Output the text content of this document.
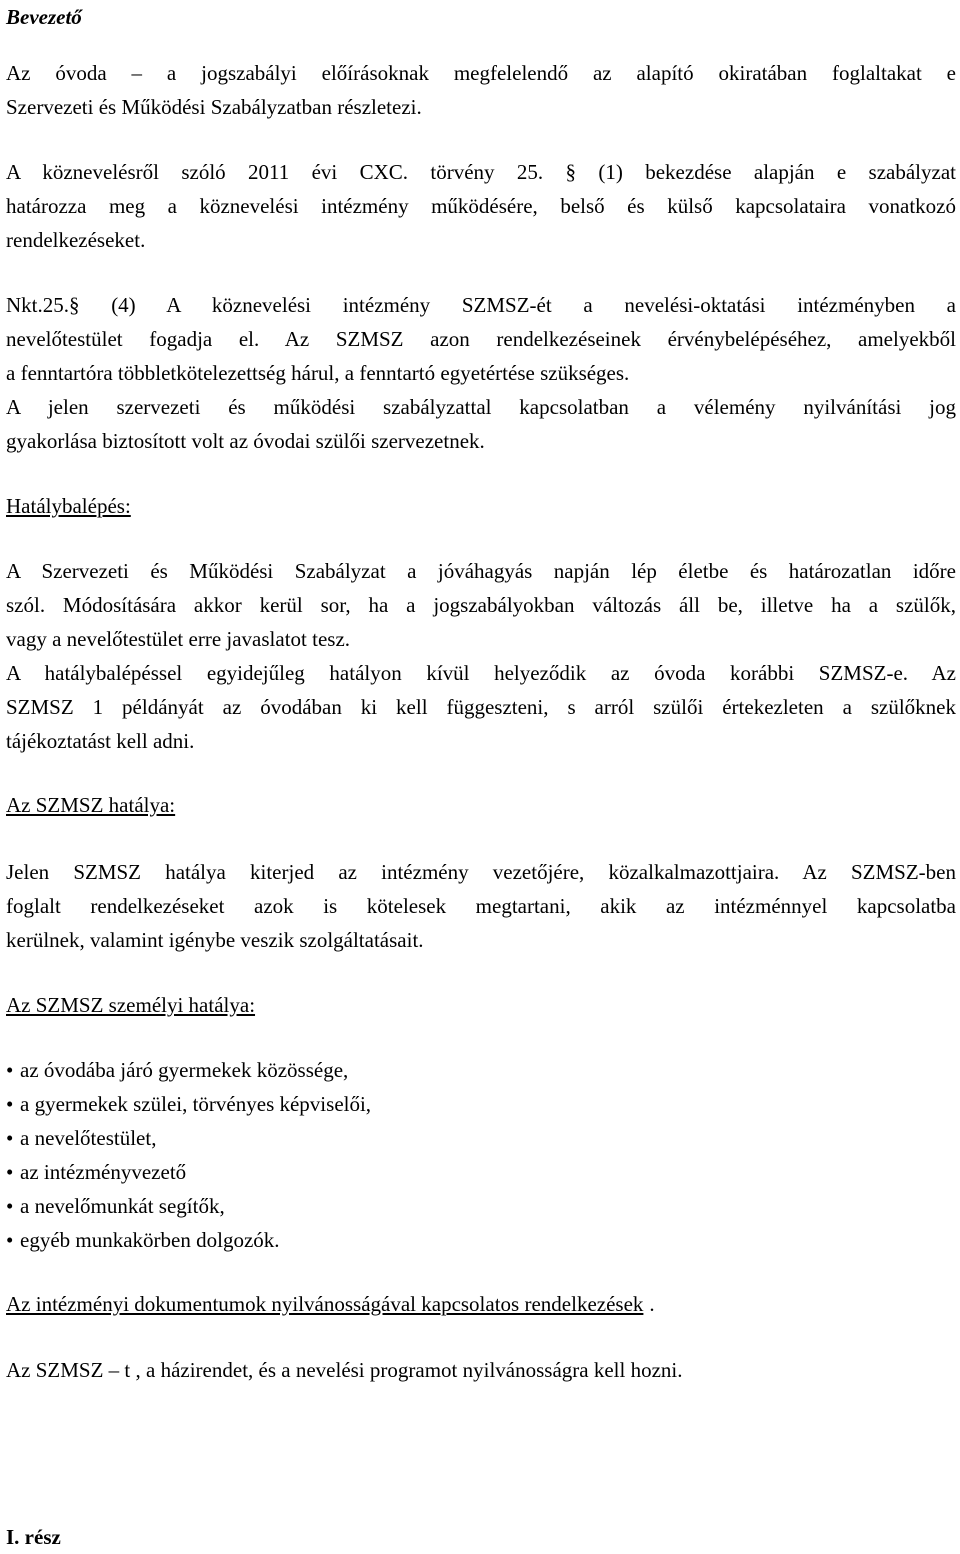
Bevezető
Az óvoda – a jogszabályi előírásoknak megfelelendő az alapító okiratában foglaltakat e
Szervezeti és Működési Szabályzatban részletezi.
A köznevelésről szóló 2011 évi CXC. törvény 25. § (1) bekezdése alapján e szabályzat
határozza meg a köznevelési intézmény működésére, belső és külső kapcsolataira vonatkozó
rendelkezéseket.
Nkt.25.§ (4) A köznevelési intézmény SZMSZ-ét a nevelési-oktatási intézményben a
nevelőtestület fogadja el. Az SZMSZ azon rendelkezéseinek érvénybelépéséhez, amelyekből
a fenntartóra többletkötelezettség hárul, a fenntartó egyetértése szükséges.
A jelen szervezeti és működési szabályzattal kapcsolatban a vélemény nyilvánítási jog
gyakorlása biztosított volt az óvodai szülői szervezetnek.
Hatálybalépés:
A Szervezeti és Működési Szabályzat a jóváhagyás napján lép életbe és határozatlan időre
szól. Módosítására akkor kerül sor, ha a jogszabályokban változás áll be, illetve ha a szülők,
vagy a nevelőtestület erre javaslatot tesz.
A hatálybalépéssel egyidejűleg hatályon kívül helyeződik az óvoda korábbi SZMSZ-e. Az
SZMSZ 1 példányát az óvodában ki kell függeszteni, s arról szülői értekezleten a szülőknek
tájékoztatást kell adni.
Az SZMSZ hatálya:
Jelen SZMSZ hatálya kiterjed az intézmény vezetőjére, közalkalmazottjaira. Az SZMSZ-ben
foglalt rendelkezéseket azok is kötelesek megtartani, akik az intézménnyel kapcsolatba
kerülnek, valamint igénybe veszik szolgáltatásait.
Az SZMSZ személyi hatálya:
• az óvodába járó gyermekek közössége,
• a gyermekek szülei, törvényes képviselői,
• a nevelőtestület,
• az intézményvezető
• a nevelőmunkát segítők,
• egyéb munkakörben dolgozók.
Az intézményi dokumentumok nyilvánosságával kapcsolatos rendelkezések .
Az SZMSZ – t , a házirendet, és a nevelési programot nyilvánosságra kell hozni.
I. rész
